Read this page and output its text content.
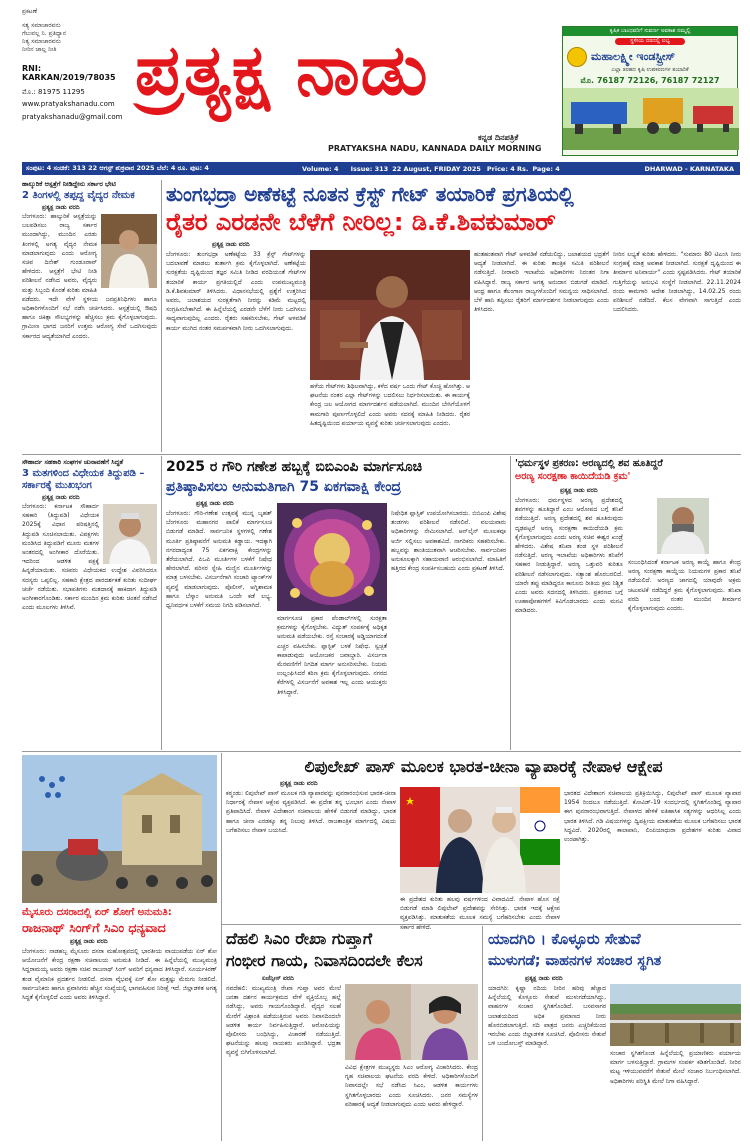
ಪ್ರಕಟಣೆ
ಸತ್ಯ ಸಮಾಚಾರವನು
ಗೆಲುವಲ್ಲ ನಿ. ಪ್ರತಿಧ್ಯಾನ
ನಿತ್ಯ ಸಮಾಚಾರವನು
ನೀರಿನ ಜಾಲ್ಲ ನೀತಿ
RNI: KARKAN/2019/78035
ಮೊ.: 81975 11295
www.pratyakshanadu.com
pratyakshanadu@gmail.com
ಪ್ರತ್ಯಕ್ಷ ನಾಡು
ಕನ್ನಡ ದಿನಪತ್ರಿಕೆ
PRATYAKSHA NADU, KANNADA DAILY MORNING
ಕೃಷಿಕ ಬಾಂಧವರಿಗೆ ಸುವರ್ಣ ಅವಕಾಶ ನಮ್ಮಲ್ಲಿ
ಸ್ಥಳೀಯ ದರದಲ್ಲಿ ಲಭ್ಯ
ಮಹಾಲಕ್ಷ್ಮೀ ಇಂಡಸ್ಟ್ರೀಸ್
ಎಲ್ಲಾ ತರಹದ ಕೃಷಿ ಉಪಕರಣಗಳ ತಯಾರಿಕೆ
ಮೊ. 76187 72126, 76187 72127
ಸಂಪುಟ: 4 ಸಂಚಿಕೆ: 313 22 ಆಗಸ್ಟ್ ಶುಕ್ರವಾರ 2025 ಬೆಲೆ: 4 ರೂ. ಪುಟ: 4	Volume: 4 Issue: 313 22 August, FRIDAY 2025 Price: 4 Rs. Page: 4	DHARWAD - KARNATAKA
ಹಾಲ್ಕುರಿಕೆ ಆಸ್ಪತ್ರೆಗೆ ನೀಡಿದ್ದೇನು ಸರ್ಕಾರ ಭೇಟಿ
2 ತಿಂಗಳಲ್ಲಿ ತಪ್ಪದ್ದ ವೈದ್ಯರ ನೇಮಕ
ಪ್ರತ್ಯಕ್ಷ ನಾಡು ವರದಿ
ಬೆಂಗಳೂರು: ಹಾಲ್ಕುರಿಕೆ ಆಸ್ಪತ್ರೆಯನ್ನು ಬಲಪಡಿಸಲು ರಾಜ್ಯ ಸರ್ಕಾರ ಮುಂದಾಗಿದ್ದು, ಮುಂದಿನ ಎರಡು ತಿಂಗಳಲ್ಲಿ ಅಗತ್ಯ ವೈದ್ಯರ ನೇಮಕ ಮಾಡಲಾಗುವುದು ಎಂದು ಆರೋಗ್ಯ ಸಚಿವ ದಿನೇಶ್ ಗುಂಡೂರಾವ್ ಹೇಳಿದರು. ಆಸ್ಪತ್ರೆಗೆ ಭೇಟಿ ನೀಡಿ ಪರಿಶೀಲನೆ ನಡೆಸಿದ ಅವರು, ವೈದ್ಯರು ಮತ್ತು ಸಿಬ್ಬಂದಿ ಕೊರತೆ ಕುರಿತು ಮಾಹಿತಿ ಪಡೆದರು. ಇದೇ ವೇಳೆ ಸ್ಥಳೀಯ ಜನಪ್ರತಿನಿಧಿಗಳು ಹಾಗೂ ಅಧಿಕಾರಿಗಳೊಂದಿಗೆ ಸಭೆ ನಡೆಸಿ ಚರ್ಚಿಸಿದರು. ಆಸ್ಪತ್ರೆಯಲ್ಲಿ ಔಷಧಿ ಹಾಗೂ ಚಿಕಿತ್ಸಾ ಸೌಲಭ್ಯಗಳನ್ನು ಹೆಚ್ಚಿಸಲು ಕ್ರಮ ಕೈಗೊಳ್ಳಲಾಗುವುದು. ಗ್ರಾಮೀಣ ಭಾಗದ ಜನರಿಗೆ ಉತ್ತಮ ಆರೋಗ್ಯ ಸೇವೆ ಒದಗಿಸುವುದು ಸರ್ಕಾರದ ಆದ್ಯತೆಯಾಗಿದೆ ಎಂದರು.
ತುಂಗಭದ್ರಾ ಅಣೆಕಟ್ಟೆ ನೂತನ ಕ್ರೆಸ್ಟ್ ಗೇಟ್ ತಯಾರಿಕೆ ಪ್ರಗತಿಯಲ್ಲಿ
ರೈತರ ಎರಡನೇ ಬೆಳೆಗೆ ನೀರಿಲ್ಲ: ಡಿ.ಕೆ.ಶಿವಕುಮಾರ್
ಪ್ರತ್ಯಕ್ಷ ನಾಡು ವರದಿ
ಬೆಂಗಳೂರು: ತುಂಗಭದ್ರಾ ಅಣೆಕಟ್ಟೆಯ 33 ಕ್ರೆಸ್ಟ್ ಗೇಟ್‌ಗಳನ್ನು ಬದಲಾವಣೆ ಮಾಡಲು ತುರ್ತಾಗಿ ಕ್ರಮ ಕೈಗೊಳ್ಳಲಾಗಿದೆ. ಅಣೆಕಟ್ಟೆಯ ಸುರಕ್ಷತೆಯ ದೃಷ್ಟಿಯಿಂದ ತಜ್ಞರ ಸಮಿತಿ ನೀಡಿದ ವರದಿಯಂತೆ ಗೇಟ್‌ಗಳ ತಯಾರಿಕೆ ಕಾರ್ಯ ಪ್ರಗತಿಯಲ್ಲಿದೆ ಎಂದು ಉಪಮುಖ್ಯಮಂತ್ರಿ ಡಿ.ಕೆ.ಶಿವಕುಮಾರ್ ತಿಳಿಸಿದರು. ವಿಧಾನಸಭೆಯಲ್ಲಿ ಪ್ರಶ್ನೆಗೆ ಉತ್ತರಿಸಿದ ಅವರು, ಜಲಾಶಯದ ಸುರಕ್ಷತೆಗಾಗಿ ನೀರನ್ನು ಕಡಿಮೆ ಮಟ್ಟದಲ್ಲಿ ಸಂಗ್ರಹಿಸಬೇಕಾಗಿದೆ. ಈ ಹಿನ್ನೆಲೆಯಲ್ಲಿ ಎರಡನೇ ಬೆಳೆಗೆ ನೀರು ಒದಗಿಸಲು ಸಾಧ್ಯವಾಗುವುದಿಲ್ಲ ಎಂದರು. ರೈತರು ಸಹಕರಿಸಬೇಕು, ಗೇಟ್ ಅಳವಡಿಕೆ ಕಾರ್ಯ ಮುಗಿದ ನಂತರ ಸಮರ್ಪಕವಾಗಿ ನೀರು ಒದಗಿಸಲಾಗುವುದು.
ಹಳೆಯ ಗೇಟ್‌ಗಳು ಶಿಥಿಲವಾಗಿದ್ದು, ಕಳೆದ ವರ್ಷ ಒಂದು ಗೇಟ್ ಕೊಚ್ಚಿ ಹೋಗಿತ್ತು. ಆ ಘಟನೆಯ ನಂತರ ಎಲ್ಲಾ ಗೇಟ್‌ಗಳನ್ನು ಬದಲಿಸಲು ನಿರ್ಧರಿಸಲಾಯಿತು. ಈ ಕಾರ್ಯಕ್ಕೆ ಕೇಂದ್ರ ಜಲ ಆಯೋಗದ ಮಾರ್ಗದರ್ಶನ ಪಡೆಯಲಾಗಿದೆ. ಮುಂದಿನ ಬೇಸಿಗೆಯೊಳಗೆ ಕಾಮಗಾರಿ ಪೂರ್ಣಗೊಳ್ಳಲಿದೆ ಎಂದು ಅವರು ಸದನಕ್ಕೆ ಮಾಹಿತಿ ನೀಡಿದರು. ರೈತರ ಹಿತದೃಷ್ಟಿಯಿಂದ ಪರ್ಯಾಯ ವ್ಯವಸ್ಥೆ ಕುರಿತು ಚರ್ಚಿಸಲಾಗುವುದು ಎಂದರು.
ಹಂತಹಂತವಾಗಿ ಗೇಟ್ ಅಳವಡಿಕೆ ನಡೆಯಲಿದ್ದು, ಜಲಾಶಯದ ಭದ್ರತೆಗೆ ಆದ್ಯತೆ ನೀಡಲಾಗಿದೆ. ಈ ಕುರಿತು ತಾಂತ್ರಿಕ ಸಮಿತಿ ಪರಿಶೀಲನೆ ನಡೆಸುತ್ತಿದೆ. ನೀರಾವರಿ ಇಲಾಖೆಯ ಅಧಿಕಾರಿಗಳು ನಿರಂತರ ನಿಗಾ ವಹಿಸಿದ್ದಾರೆ. ರಾಜ್ಯ ಸರ್ಕಾರ ಅಗತ್ಯ ಅನುದಾನ ಬಿಡುಗಡೆ ಮಾಡಿದೆ. ಆಂಧ್ರ ಹಾಗೂ ತೆಲಂಗಾಣ ರಾಜ್ಯಗಳೊಂದಿಗೆ ಸಮನ್ವಯ ಸಾಧಿಸಲಾಗಿದೆ. ಬೆಳೆ ಹಾನಿ ತಪ್ಪಿಸಲು ರೈತರಿಗೆ ಮಾರ್ಗದರ್ಶನ ನೀಡಲಾಗುವುದು ಎಂದು ತಿಳಿಸಿದರು.
ನೀರಿನ ಲಭ್ಯತೆ ಕುರಿತು ಹೇಳಿದರು. "ಸುಮಾರು 80 ಟಿಎಂಸಿ ನೀರು ಸಂಗ್ರಹಕ್ಕೆ ಮಾತ್ರ ಅವಕಾಶ ನೀಡಲಾಗಿದೆ. ಸುರಕ್ಷತೆ ದೃಷ್ಟಿಯಿಂದ ಈ ತೀರ್ಮಾನ ಅನಿವಾರ್ಯ" ಎಂದು ಸ್ಪಷ್ಟಪಡಿಸಿದರು. ಗೇಟ್ ತಯಾರಿಕೆ ಗುತ್ತಿಗೆಯನ್ನು ಅನುಭವಿ ಸಂಸ್ಥೆಗೆ ನೀಡಲಾಗಿದೆ. 22.11.2024 ರಂದು ಕಾಮಗಾರಿ ಆದೇಶ ನೀಡಲಾಗಿದ್ದು, 14.02.25 ರಂದು ಪರಿಶೀಲನೆ ನಡೆದಿದೆ. ಕೆಲಸ ವೇಗವಾಗಿ ಸಾಗುತ್ತಿದೆ ಎಂದು ಬದಲಿಸಿದರು.
ಸೌಹಾರ್ದ ಸಹಕಾರಿ ಸಂಘಗಳ ಚುನಾವಣೆಗೆ ಸಿದ್ಧತೆ
3 ಮತಗಳಿಂದ ವಿಧೇಯಕ ತಿದ್ದುಪಡಿ – ಸರ್ಕಾರಕ್ಕೆ ಮುಖಭಂಗ
ಪ್ರತ್ಯಕ್ಷ ನಾಡು ವರದಿ
ಬೆಂಗಳೂರು: ಕರ್ನಾಟಕ ಸೌಹಾರ್ದ ಸಹಕಾರಿ (ತಿದ್ದುಪಡಿ) ವಿಧೇಯಕ 2025ಕ್ಕೆ ವಿಧಾನ ಪರಿಷತ್ತಿನಲ್ಲಿ ತಿದ್ದುಪಡಿ ಸೂಚಿಸಲಾಯಿತು. ವಿಪಕ್ಷಗಳು ಮಂಡಿಸಿದ ತಿದ್ದುಪಡಿಗೆ ಮೂರು ಮತಗಳ ಅಂತರದಲ್ಲಿ ಅಂಗೀಕಾರ ದೊರೆಯಿತು. ಇದರಿಂದ ಆಡಳಿತ ಪಕ್ಷಕ್ಕೆ ಹಿನ್ನಡೆಯಾಯಿತು. ಸಚಿವರು ವಿಧೇಯಕದ ಉದ್ದೇಶ ವಿವರಿಸಿದರೂ ಸದಸ್ಯರು ಒಪ್ಪಲಿಲ್ಲ. ಸಹಕಾರಿ ಕ್ಷೇತ್ರದ ಪಾರದರ್ಶಕತೆ ಕುರಿತು ಸುದೀರ್ಘ ಚರ್ಚೆ ನಡೆಯಿತು. ಸಭಾಪತಿಗಳು ಮತದಾನಕ್ಕೆ ಹಾಕಿದಾಗ ತಿದ್ದುಪಡಿ ಅಂಗೀಕಾರಗೊಂಡಿತು. ಸರ್ಕಾರ ಮುಂದಿನ ಕ್ರಮ ಕುರಿತು ಚಿಂತನೆ ನಡೆಸಿದೆ ಎಂದು ಮೂಲಗಳು ತಿಳಿಸಿವೆ.
2025 ರ ಗೌರಿ ಗಣೇಶ ಹಬ್ಬಕ್ಕೆ ಬಿಬಿಎಂಪಿ ಮಾರ್ಗಸೂಚಿ
ಪ್ರತಿಷ್ಠಾಪಿಸಲು ಅನುಮತಿಗಾಗಿ 75 ಏಕಗವಾಕ್ಷಿ ಕೇಂದ್ರ
ಪ್ರತ್ಯಕ್ಷ ನಾಡು ವರದಿ
ಬೆಂಗಳೂರು: ಗೌರಿ-ಗಣೇಶ ಉತ್ಸವಕ್ಕೆ ಮುನ್ನ ಬೃಹತ್ ಬೆಂಗಳೂರು ಮಹಾನಗರ ಪಾಲಿಕೆ ಮಾರ್ಗಸೂಚಿ ಬಿಡುಗಡೆ ಮಾಡಿದೆ. ಸಾರ್ವಜನಿಕ ಸ್ಥಳಗಳಲ್ಲಿ ಗಣೇಶ ಮೂರ್ತಿ ಪ್ರತಿಷ್ಠಾಪನೆಗೆ ಅನುಮತಿ ಕಡ್ಡಾಯ. ಇದಕ್ಕಾಗಿ ನಗರದಾದ್ಯಂತ 75 ಏಕಗವಾಕ್ಷಿ ಕೇಂದ್ರಗಳನ್ನು ತೆರೆಯಲಾಗಿದೆ. ಪಿಒಪಿ ಮೂರ್ತಿಗಳ ಬಳಕೆಗೆ ನಿಷೇಧ ಹೇರಲಾಗಿದೆ. ಪರಿಸರ ಸ್ನೇಹಿ ಮಣ್ಣಿನ ಮೂರ್ತಿಗಳನ್ನು ಮಾತ್ರ ಬಳಸಬೇಕು. ವಿಸರ್ಜನೆಗಾಗಿ ಸಂಚಾರಿ ಟ್ಯಾಂಕ್‌ಗಳ ವ್ಯವಸ್ಥೆ ಮಾಡಲಾಗುವುದು. ಪೊಲೀಸ್, ಅಗ್ನಿಶಾಮಕ ಹಾಗೂ ಬೆಸ್ಕಾಂ ಅನುಮತಿ ಒಂದೇ ಕಡೆ ಲಭ್ಯ. ಧ್ವನಿವರ್ಧಕ ಬಳಕೆಗೆ ಸಮಯ ನಿಗದಿ ಪಡಿಸಲಾಗಿದೆ.
ಮಾರ್ಗಸೂಚಿ ಪ್ರಕಾರ ಪೆಂಡಾಲ್‌ಗಳಲ್ಲಿ ಸುರಕ್ಷತಾ ಕ್ರಮಗಳನ್ನು ಕೈಗೊಳ್ಳಬೇಕು. ವಿದ್ಯುತ್ ಸಂಪರ್ಕಕ್ಕೆ ಅಧಿಕೃತ ಅನುಮತಿ ಪಡೆಯಬೇಕು. ರಸ್ತೆ ಸಂಚಾರಕ್ಕೆ ಅಡ್ಡಿಯಾಗದಂತೆ ಎಚ್ಚರ ವಹಿಸಬೇಕು. ಪ್ಲಾಸ್ಟಿಕ್ ಬಳಕೆ ನಿಷೇಧ. ಸ್ವಚ್ಛತೆ ಕಾಪಾಡುವುದು ಆಯೋಜಕರ ಜವಾಬ್ದಾರಿ. ವಿಸರ್ಜನಾ ಮೆರವಣಿಗೆಗೆ ನಿಗದಿತ ಮಾರ್ಗ ಅನುಸರಿಸಬೇಕು. ನಿಯಮ ಉಲ್ಲಂಘಿಸಿದರೆ ಕಠಿಣ ಕ್ರಮ ಕೈಗೊಳ್ಳಲಾಗುವುದು. ನಗರದ ಕೆರೆಗಳಲ್ಲಿ ವಿಸರ್ಜನೆಗೆ ಅವಕಾಶ ಇಲ್ಲ ಎಂದು ಆಯುಕ್ತರು ತಿಳಿಸಿದ್ದಾರೆ.
ನಿಷೇಧಿತ ಪ್ಲಾಸ್ಟಿಕ್ ಉಪಯೋಗಿಸಬಾರದು. ಬಿಬಿಎಂಪಿ ವಿಶೇಷ ತಂಡಗಳು ಪರಿಶೀಲನೆ ನಡೆಸಲಿವೆ. ವಲಯವಾರು ಅಧಿಕಾರಿಗಳನ್ನು ನೇಮಿಸಲಾಗಿದೆ. ಆನ್‌ಲೈನ್ ಮೂಲಕವೂ ಅರ್ಜಿ ಸಲ್ಲಿಸಲು ಅವಕಾಶವಿದೆ. ನಾಗರಿಕರು ಸಹಕರಿಸಬೇಕು. ಹಬ್ಬವನ್ನು ಶಾಂತಿಯುತವಾಗಿ ಆಚರಿಸಬೇಕು. ಸಾರ್ವಜನಿಕರ ಅನುಕೂಲಕ್ಕಾಗಿ ಸಹಾಯವಾಣಿ ಆರಂಭಿಸಲಾಗಿದೆ. ಮಾಹಿತಿಗೆ ಹತ್ತಿರದ ಕೇಂದ್ರ ಸಂಪರ್ಕಿಸಬಹುದು ಎಂದು ಪ್ರಕಟಣೆ ತಿಳಿಸಿದೆ.
'ಧರ್ಮಸ್ಥಳ ಪ್ರಕರಣ: ಅರಣ್ಯದಲ್ಲಿ ಶವ ಹೂತಿದ್ದರೆ
ಅರಣ್ಯ ಸಂರಕ್ಷಣಾ ಕಾಯಿದೆಯಡಿ ಕ್ರಮ'
ಪ್ರತ್ಯಕ್ಷ ನಾಡು ವರದಿ
ಬೆಂಗಳೂರು: ಧರ್ಮಸ್ಥಳದ ಅರಣ್ಯ ಪ್ರದೇಶದಲ್ಲಿ ಶವಗಳನ್ನು ಹೂತಿದ್ದಾರೆ ಎಂಬ ಆರೋಪದ ಬಗ್ಗೆ ತನಿಖೆ ನಡೆಯುತ್ತಿದೆ. ಅರಣ್ಯ ಪ್ರದೇಶದಲ್ಲಿ ಶವ ಹೂತಿರುವುದು ದೃಢಪಟ್ಟರೆ ಅರಣ್ಯ ಸಂರಕ್ಷಣಾ ಕಾಯಿದೆಯಡಿ ಕ್ರಮ ಕೈಗೊಳ್ಳಲಾಗುವುದು ಎಂದು ಅರಣ್ಯ ಸಚಿವ ಈಶ್ವರ ಖಂಡ್ರೆ ಹೇಳಿದರು. ವಿಶೇಷ ತನಿಖಾ ತಂಡ ಸ್ಥಳ ಪರಿಶೀಲನೆ ನಡೆಸುತ್ತಿದೆ. ಅರಣ್ಯ ಇಲಾಖೆಯ ಅಧಿಕಾರಿಗಳು ತನಿಖೆಗೆ ಸಹಕಾರ ನೀಡುತ್ತಿದ್ದಾರೆ. ಅರಣ್ಯ ಒತ್ತುವರಿ ಕುರಿತೂ ಪರಿಶೀಲನೆ ನಡೆಸಲಾಗುವುದು. ಸತ್ಯಾಂಶ ಹೊರಬರಲಿದೆ. ಯಾರೇ ತಪ್ಪು ಮಾಡಿದ್ದರೂ ಕಾನೂನು ರೀತಿಯ ಕ್ರಮ ನಿಶ್ಚಿತ ಎಂದು ಅವರು ಸದನದಲ್ಲಿ ತಿಳಿಸಿದರು. ಪ್ರಕರಣದ ಬಗ್ಗೆ ಊಹಾಪೋಹಗಳಿಗೆ ಕಿವಿಗೊಡಬಾರದು ಎಂದು ಮನವಿ ಮಾಡಿದರು.
ಸಂಬಂಧಿಸಿದಂತೆ ಕರ್ನಾಟಕ ಅರಣ್ಯ ಕಾಯ್ದೆ ಹಾಗೂ ಕೇಂದ್ರ ಅರಣ್ಯ ಸಂರಕ್ಷಣಾ ಕಾಯ್ದೆಯ ನಿಯಮಗಳ ಪ್ರಕಾರ ತನಿಖೆ ನಡೆಯಲಿದೆ. ಅರಣ್ಯದ ಜಾಗದಲ್ಲಿ ಯಾವುದೇ ಅಕ್ರಮ ಚಟುವಟಿಕೆ ನಡೆದಿದ್ದರೆ ಕ್ರಮ ಕೈಗೊಳ್ಳಲಾಗುವುದು. ತನಿಖಾ ವರದಿ ಬಂದ ನಂತರ ಮುಂದಿನ ತೀರ್ಮಾನ ಕೈಗೊಳ್ಳಲಾಗುವುದು ಎಂದರು.
ಮೈಸೂರು ದಸರಾದಲ್ಲಿ ಏರ್ ಶೋಗೆ ಅನುಮತಿ:
ರಾಜನಾಥ್ ಸಿಂಗ್‌ಗೆ ಸಿಎಂ ಧನ್ಯವಾದ
ಪ್ರತ್ಯಕ್ಷ ನಾಡು ವರದಿ
ಬೆಂಗಳೂರು: ನಾಡಹಬ್ಬ ಮೈಸೂರು ದಸರಾ ಮಹೋತ್ಸವದಲ್ಲಿ ಭಾರತೀಯ ವಾಯುಪಡೆಯ ಏರ್ ಶೋ ಆಯೋಜನೆಗೆ ಕೇಂದ್ರ ರಕ್ಷಣಾ ಸಚಿವಾಲಯ ಅನುಮತಿ ನೀಡಿದೆ. ಈ ಹಿನ್ನೆಲೆಯಲ್ಲಿ ಮುಖ್ಯಮಂತ್ರಿ ಸಿದ್ದರಾಮಯ್ಯ ಅವರು ರಕ್ಷಣಾ ಸಚಿವ ರಾಜನಾಥ್ ಸಿಂಗ್ ಅವರಿಗೆ ಧನ್ಯವಾದ ತಿಳಿಸಿದ್ದಾರೆ. ಸೂರ್ಯಕಿರಣ್ ತಂಡ ವೈಮಾನಿಕ ಪ್ರದರ್ಶನ ನೀಡಲಿದೆ. ದಸರಾ ವೈಭವಕ್ಕೆ ಏರ್ ಶೋ ಮತ್ತಷ್ಟು ಮೆರುಗು ನೀಡಲಿದೆ. ಸಾರ್ವಜನಿಕರು ಹಾಗೂ ಪ್ರವಾಸಿಗರು ಹೆಚ್ಚಿನ ಸಂಖ್ಯೆಯಲ್ಲಿ ಭಾಗವಹಿಸುವ ನಿರೀಕ್ಷೆ ಇದೆ. ಜಿಲ್ಲಾಡಳಿತ ಅಗತ್ಯ ಸಿದ್ಧತೆ ಕೈಗೊಳ್ಳಲಿದೆ ಎಂದು ಅವರು ತಿಳಿಸಿದ್ದಾರೆ.
ಲಿಪುಲೇಖ್ ಪಾಸ್ ಮೂಲಕ ಭಾರತ-ಚೀನಾ ವ್ಯಾಪಾರಕ್ಕೆ ನೇಪಾಳ ಆಕ್ಷೇಪ
ಪ್ರತ್ಯಕ್ಷ ನಾಡು ವರದಿ
ಕಠ್ಮಂಡು: ಲಿಪುಲೇಖ್ ಪಾಸ್ ಮೂಲಕ ಗಡಿ ವ್ಯಾಪಾರವನ್ನು ಪುನರಾರಂಭಿಸುವ ಭಾರತ-ಚೀನಾ ನಿರ್ಧಾರಕ್ಕೆ ನೇಪಾಳ ಆಕ್ಷೇಪ ವ್ಯಕ್ತಪಡಿಸಿದೆ. ಈ ಪ್ರದೇಶ ತನ್ನ ಭೂಭಾಗ ಎಂದು ನೇಪಾಳ ಪ್ರತಿಪಾದಿಸಿದೆ. ನೇಪಾಳ ವಿದೇಶಾಂಗ ಸಚಿವಾಲಯ ಹೇಳಿಕೆ ಬಿಡುಗಡೆ ಮಾಡಿದ್ದು, ಭಾರತ ಹಾಗೂ ಚೀನಾ ಎರಡಕ್ಕೂ ತನ್ನ ನಿಲುವು ತಿಳಿಸಿದೆ. ರಾಜತಾಂತ್ರಿಕ ಮಾರ್ಗದಲ್ಲಿ ವಿಷಯ ಬಗೆಹರಿಸಲು ನೇಪಾಳ ಬಯಸಿದೆ.
ಈ ಪ್ರದೇಶದ ಕುರಿತು ಹಲವು ವರ್ಷಗಳಿಂದ ವಿವಾದವಿದೆ. ನೇಪಾಳ ಹೊಸ ನಕ್ಷೆ ಬಿಡುಗಡೆ ಮಾಡಿ ಲಿಪುಲೇಖ್ ಪ್ರದೇಶವನ್ನು ಸೇರಿಸಿತ್ತು. ಭಾರತ ಇದಕ್ಕೆ ಆಕ್ಷೇಪ ವ್ಯಕ್ತಪಡಿಸಿತ್ತು. ಮಾತುಕತೆಯ ಮೂಲಕ ಸಮಸ್ಯೆ ಬಗೆಹರಿಸಬೇಕು ಎಂದು ನೇಪಾಳ ಸರ್ಕಾರ ಹೇಳಿದೆ.
ಭಾರತದ ವಿದೇಶಾಂಗ ಸಚಿವಾಲಯ ಪ್ರತಿಕ್ರಿಯಿಸಿದ್ದು, ಲಿಪುಲೇಖ್ ಪಾಸ್ ಮೂಲಕ ವ್ಯಾಪಾರ 1954 ರಿಂದಲೂ ನಡೆಯುತ್ತಿದೆ. ಕೋವಿಡ್-19 ಸಂದರ್ಭದಲ್ಲಿ ಸ್ಥಗಿತಗೊಂಡಿದ್ದ ವ್ಯಾಪಾರ ಈಗ ಪುನರಾರಂಭವಾಗುತ್ತಿದೆ. ನೇಪಾಳದ ಹೇಳಿಕೆ ಐತಿಹಾಸಿಕ ಸತ್ಯಗಳನ್ನು ಆಧರಿಸಿಲ್ಲ ಎಂದು ಭಾರತ ತಿಳಿಸಿದೆ. ಗಡಿ ವಿಷಯಗಳನ್ನು ದ್ವಿಪಕ್ಷೀಯ ಮಾತುಕತೆಯ ಮೂಲಕ ಬಗೆಹರಿಸಲು ಭಾರತ ಸಿದ್ಧವಿದೆ. 2020ರಲ್ಲಿ ಕಾಲಾಪಾನಿ, ಲಿಂಪಿಯಾಧುರಾ ಪ್ರದೇಶಗಳ ಕುರಿತು ವಿವಾದ ಉಂಟಾಗಿತ್ತು.
ದೆಹಲಿ ಸಿಎಂ ರೇಖಾ ಗುಪ್ತಾಗೆ
ಗಂಭೀರ ಗಾಯ, ನಿವಾಸದಿಂದಲೇ ಕೆಲಸ
ಏಜೆನ್ಸೀಸ್ ವರದಿ
ನವದೆಹಲಿ: ಮುಖ್ಯಮಂತ್ರಿ ರೇಖಾ ಗುಪ್ತಾ ಅವರ ಮೇಲೆ ಜನತಾ ದರ್ಶನ ಕಾರ್ಯಕ್ರಮದ ವೇಳೆ ವ್ಯಕ್ತಿಯೊಬ್ಬ ಹಲ್ಲೆ ನಡೆಸಿದ್ದು, ಅವರು ಗಾಯಗೊಂಡಿದ್ದಾರೆ. ವೈದ್ಯರ ಸಲಹೆ ಮೇರೆಗೆ ವಿಶ್ರಾಂತಿ ಪಡೆಯುತ್ತಿರುವ ಅವರು ನಿವಾಸದಿಂದಲೇ ಆಡಳಿತ ಕಾರ್ಯ ನಿರ್ವಹಿಸುತ್ತಿದ್ದಾರೆ. ಆರೋಪಿಯನ್ನು ಪೊಲೀಸರು ಬಂಧಿಸಿದ್ದು, ವಿಚಾರಣೆ ನಡೆಯುತ್ತಿದೆ. ಘಟನೆಯನ್ನು ಹಲವು ನಾಯಕರು ಖಂಡಿಸಿದ್ದಾರೆ. ಭದ್ರತಾ ವ್ಯವಸ್ಥೆ ಬಿಗಿಗೊಳಿಸಲಾಗಿದೆ.
ವಿವಿಧ ಕ್ಷೇತ್ರಗಳ ಮುಖ್ಯಸ್ಥರು ಸಿಎಂ ಆರೋಗ್ಯ ವಿಚಾರಿಸಿದರು. ಕೇಂದ್ರ ಗೃಹ ಸಚಿವಾಲಯ ಘಟನೆಯ ವರದಿ ಕೇಳಿದೆ. ಅಧಿಕಾರಿಗಳೊಂದಿಗೆ ನಿವಾಸದಲ್ಲೇ ಸಭೆ ನಡೆಸಿದ ಸಿಎಂ, ಆಡಳಿತ ಕಾರ್ಯಗಳು ಸ್ಥಗಿತಗೊಳ್ಳಬಾರದು ಎಂದು ಸೂಚಿಸಿದರು. ಜನರ ಸಮಸ್ಯೆಗಳ ಪರಿಹಾರಕ್ಕೆ ಆದ್ಯತೆ ನೀಡಲಾಗುವುದು ಎಂದು ಅವರು ಹೇಳಿದ್ದಾರೆ.
ಯಾದಗಿರಿ । ಕೊಳ್ಳೂರು ಸೇತುವೆ
ಮುಳುಗಡೆ; ವಾಹನಗಳ ಸಂಚಾರ ಸ್ಥಗಿತ
ಪ್ರತ್ಯಕ್ಷ ನಾಡು ವರದಿ
ಯಾದಗಿರಿ: ಕೃಷ್ಣಾ ನದಿಯ ನೀರಿನ ಹರಿವು ಹೆಚ್ಚಾದ ಹಿನ್ನೆಲೆಯಲ್ಲಿ ಕೊಳ್ಳೂರು ಸೇತುವೆ ಮುಳುಗಡೆಯಾಗಿದ್ದು, ವಾಹನಗಳ ಸಂಚಾರ ಸ್ಥಗಿತಗೊಂಡಿದೆ. ಬಸವಸಾಗರ ಜಲಾಶಯದಿಂದ ಅಧಿಕ ಪ್ರಮಾಣದ ನೀರು ಹೊರಬಿಡಲಾಗುತ್ತಿದೆ. ನದಿ ಪಾತ್ರದ ಜನರು ಎಚ್ಚರಿಕೆಯಿಂದ ಇರಬೇಕು ಎಂದು ಜಿಲ್ಲಾಡಳಿತ ಸೂಚಿಸಿದೆ. ಪೊಲೀಸರು ಸೇತುವೆ ಬಳಿ ಬಂದೋಬಸ್ತ್ ಮಾಡಿದ್ದಾರೆ.
ಸಂಚಾರ ಸ್ಥಗಿತಗೊಂಡ ಹಿನ್ನೆಲೆಯಲ್ಲಿ ಪ್ರಯಾಣಿಕರು ಪರ್ಯಾಯ ಮಾರ್ಗ ಬಳಸುತ್ತಿದ್ದಾರೆ. ಗ್ರಾಮಗಳ ಸಂಪರ್ಕ ಕಡಿತಗೊಂಡಿದೆ. ನೀರಿನ ಮಟ್ಟ ಇಳಿಯುವವರೆಗೆ ಸೇತುವೆ ಮೇಲೆ ಸಂಚಾರ ನಿರ್ಬಂಧಿಸಲಾಗಿದೆ. ಅಧಿಕಾರಿಗಳು ಪರಿಸ್ಥಿತಿ ಮೇಲೆ ನಿಗಾ ವಹಿಸಿದ್ದಾರೆ.
